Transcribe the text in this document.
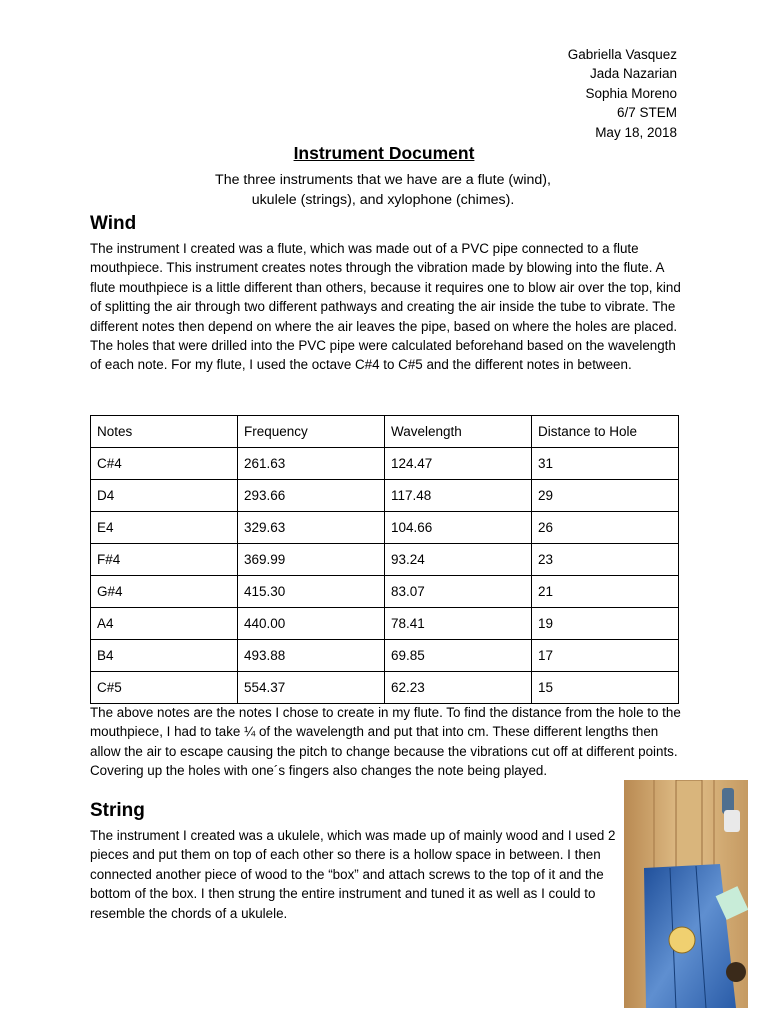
Gabriella Vasquez
Jada Nazarian
Sophia Moreno
6/7 STEM
May 18, 2018
Instrument Document
The three instruments that we have are a flute (wind), ukulele (strings), and xylophone (chimes).
Wind
The instrument I created was a flute, which was made out of a PVC pipe connected to a flute mouthpiece. This instrument creates notes through the vibration made by blowing into the flute. A flute mouthpiece is a little different than others, because it requires one to blow air over the top, kind of splitting the air through two different pathways and creating the air inside the tube to vibrate. The different notes then depend on where the air leaves the pipe, based on where the holes are placed. The holes that were drilled into the PVC pipe were calculated beforehand based on the wavelength of each note. For my flute, I used the octave C#4 to C#5 and the different notes in between.
Notes	Frequency	Wavelength	Distance to Hole
C#4	261.63	124.47	31
D4	293.66	117.48	29
E4	329.63	104.66	26
F#4	369.99	93.24	23
G#4	415.30	83.07	21
A4	440.00	78.41	19
B4	493.88	69.85	17
C#5	554.37	62.23	15
The above notes are the notes I chose to create in my flute. To find the distance from the hole to the mouthpiece, I had to take ¼ of the wavelength and put that into cm. These different lengths then allow the air to escape causing the pitch to change because the vibrations cut off at different points. Covering up the holes with one´s fingers also changes the note being played.
String
The instrument I created was a ukulele, which was made up of mainly wood and I used 2 pieces and put them on top of each other so there is a hollow space in between. I then connected another piece of wood to the “box” and attach screws to the top of it and the bottom of the box. I then strung the entire instrument and tuned it as well as I could to resemble the chords of a ukulele.
